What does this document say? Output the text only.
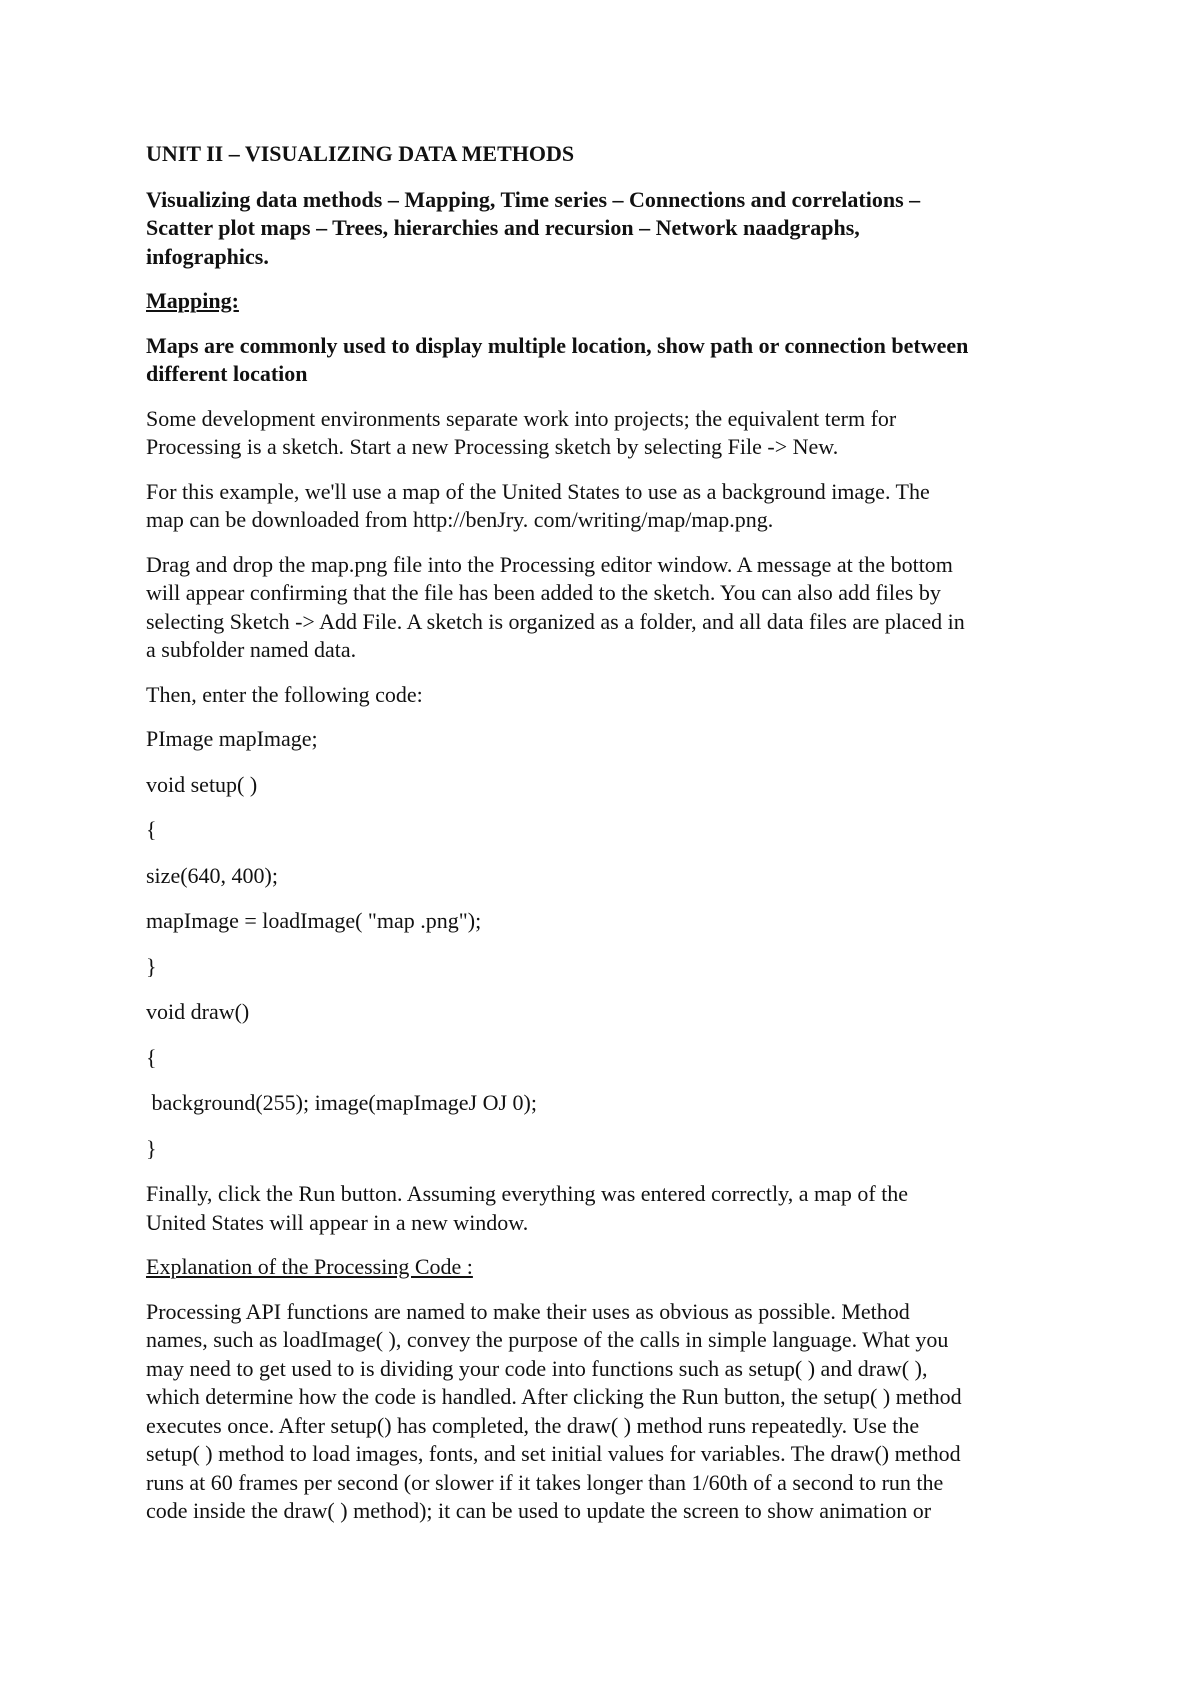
UNIT II – VISUALIZING DATA METHODS

Visualizing data methods – Mapping, Time series – Connections and correlations –
Scatter plot maps – Trees, hierarchies and recursion – Network naadgraphs,
infographics.

Mapping:

Maps are commonly used to display multiple location, show path or connection between
different location

Some development environments separate work into projects; the equivalent term for
Processing is a sketch. Start a new Processing sketch by selecting File -> New.

For this example, we'll use a map of the United States to use as a background image. The
map can be downloaded from http://benJry. com/writing/map/map.png.

Drag and drop the map.png file into the Processing editor window. A message at the bottom
will appear confirming that the file has been added to the sketch. You can also add files by
selecting Sketch -> Add File. A sketch is organized as a folder, and all data files are placed in
a subfolder named data.

Then, enter the following code:

PImage mapImage;

void setup( )

{

size(640, 400);

mapImage = loadImage( "map .png");

}

void draw()

{

background(255); image(mapImageJ OJ 0);

}

Finally, click the Run button. Assuming everything was entered correctly, a map of the
United States will appear in a new window.

Explanation of the Processing Code :

Processing API functions are named to make their uses as obvious as possible. Method
names, such as loadImage( ), convey the purpose of the calls in simple language. What you
may need to get used to is dividing your code into functions such as setup( ) and draw( ),
which determine how the code is handled. After clicking the Run button, the setup( ) method
executes once. After setup() has completed, the draw( ) method runs repeatedly. Use the
setup( ) method to load images, fonts, and set initial values for variables. The draw() method
runs at 60 frames per second (or slower if it takes longer than 1/60th of a second to run the
code inside the draw( ) method); it can be used to update the screen to show animation or
